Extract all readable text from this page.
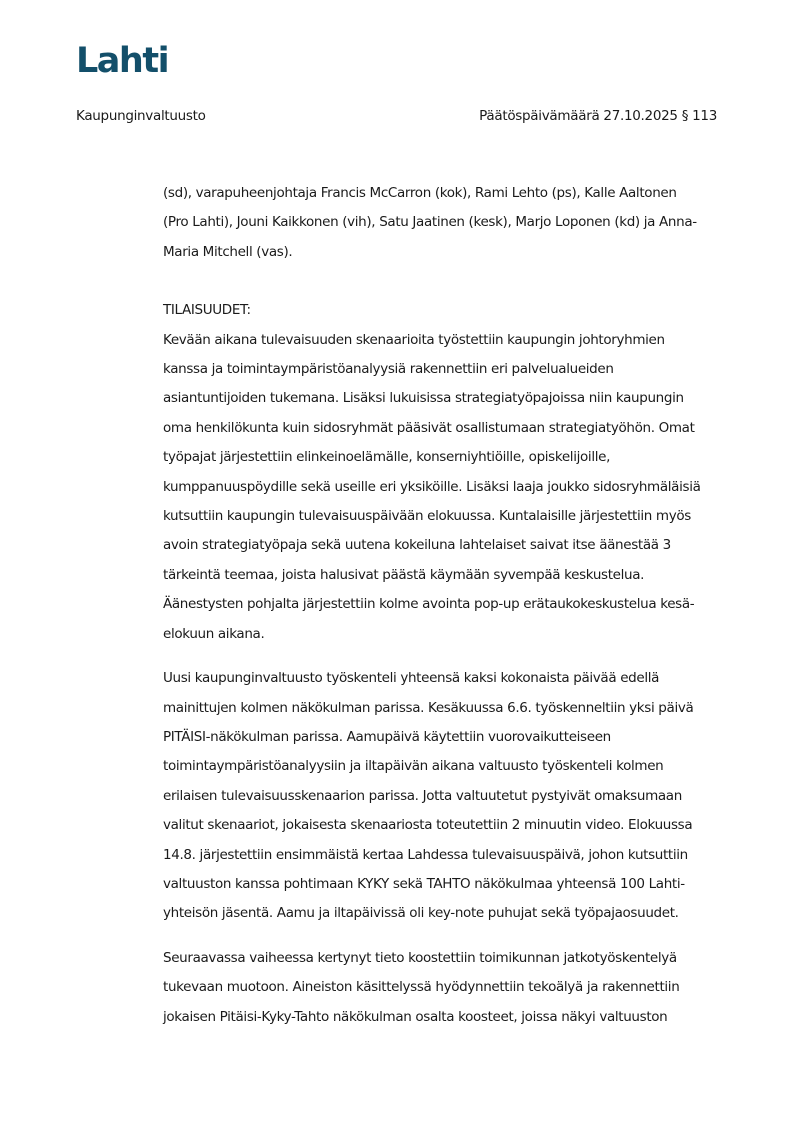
Lahti
Kaupunginvaltuusto	Päätöspäivämäärä 27.10.2025 § 113
(sd), varapuheenjohtaja Francis McCarron (kok), Rami Lehto (ps), Kalle Aaltonen
(Pro Lahti), Jouni Kaikkonen (vih), Satu Jaatinen (kesk), Marjo Loponen (kd) ja Anna-
Maria Mitchell (vas).
TILAISUUDET:
Kevään aikana tulevaisuuden skenaarioita työstettiin kaupungin johtoryhmien
kanssa ja toimintaympäristöanalyysiä rakennettiin eri palvelualueiden
asiantuntijoiden tukemana. Lisäksi lukuisissa strategiatyöpajoissa niin kaupungin
oma henkilökunta kuin sidosryhmät pääsivät osallistumaan strategiatyöhön. Omat
työpajat järjestettiin elinkeinoelämälle, konserniyhtiöille, opiskelijoille,
kumppanuuspöydille sekä useille eri yksiköille. Lisäksi laaja joukko sidosryhmäläisiä
kutsuttiin kaupungin tulevaisuuspäivään elokuussa. Kuntalaisille järjestettiin myös
avoin strategiatyöpaja sekä uutena kokeiluna lahtelaiset saivat itse äänestää 3
tärkeintä teemaa, joista halusivat päästä käymään syvempää keskustelua.
Äänestysten pohjalta järjestettiin kolme avointa pop-up erätaukokeskustelua kesä-
elokuun aikana.
Uusi kaupunginvaltuusto työskenteli yhteensä kaksi kokonaista päivää edellä
mainittujen kolmen näkökulman parissa. Kesäkuussa 6.6. työskenneltiin yksi päivä
PITÄISI-näkökulman parissa. Aamupäivä käytettiin vuorovaikutteiseen
toimintaympäristöanalyysiin ja iltapäivän aikana valtuusto työskenteli kolmen
erilaisen tulevaisuusskenaarion parissa. Jotta valtuutetut pystyivät omaksumaan
valitut skenaariot, jokaisesta skenaariosta toteutettiin 2 minuutin video. Elokuussa
14.8. järjestettiin ensimmäistä kertaa Lahdessa tulevaisuuspäivä, johon kutsuttiin
valtuuston kanssa pohtimaan KYKY sekä TAHTO näkökulmaa yhteensä 100 Lahti-
yhteisön jäsentä. Aamu ja iltapäivissä oli key-note puhujat sekä työpajaosuudet.
Seuraavassa vaiheessa kertynyt tieto koostettiin toimikunnan jatkotyöskentelyä
tukevaan muotoon. Aineiston käsittelyssä hyödynnettiin tekoälyä ja rakennettiin
jokaisen Pitäisi-Kyky-Tahto näkökulman osalta koosteet, joissa näkyi valtuuston
